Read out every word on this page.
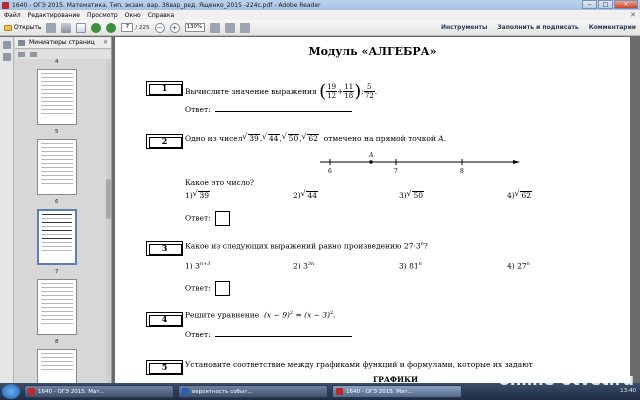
1640 - ОГЭ 2015. Математика. Тип. экзам. вар. 36вар_ред. Ященко_2015 -224c.pdf - Adobe Reader	–	□	✕
Файл Редактирование Просмотр Окно Справка	✕
Открыть	7	/ 225 − +	130%	Инструменты Заполнить и подписать Комментарии
Миниатюры страниц ✕

4
5
6
7
8
Модуль «АЛГЕБРА»
1	Вычислите значение выражения
( $\frac{19}{12} + \frac{11}{18}$ ) : $\frac{5}{72}$ .
Ответ:
2	Одно из чисел √ 39,  √ 44,  √ 50,  √ 62 отмечено на прямой точкой A.
A
6	7	8
Какое это число?
1) √ 39	2) √ 44	3) √ 50	4) √ 62
Ответ:
3	Какое из следующих выражений равно произведению $27\cdot 3^n$?
1) $3^{n+3}$	2) $3^{3n}$	3) 81$^n$	4) 27$^n$
Ответ:
4	Решите уравнение $(x - 9)^2 = (x - 3)^2$.
Ответ:
5	Установите соответствие между графиками функций и формулами, которые их задают
ГРАФИКИ
1640 - ОГЭ 2015. Мат...	вероятность событ...	1640 - ОГЭ 2015. Мат...
online-otvet.ru
13:40
